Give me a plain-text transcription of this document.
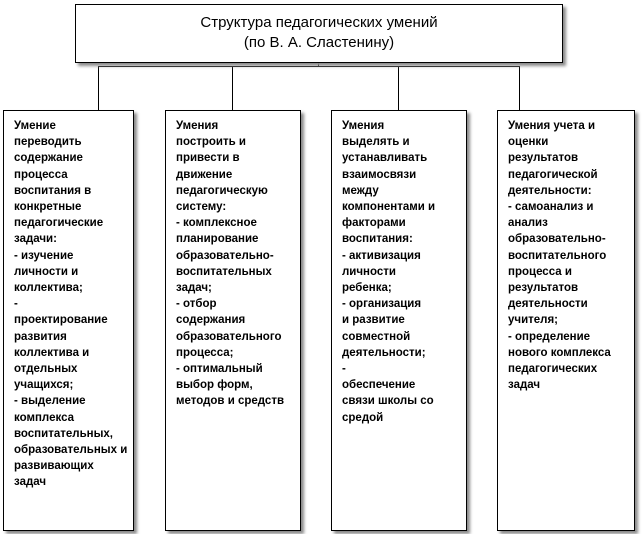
Структура педагогических умений
(по В. А. Сластенину)
Умение
переводить
содержание
процесса
воспитания в
конкретные
педагогические
задачи:
- изучение
личности и
коллектива;
-
проектирование
развития
коллектива и
отдельных
учащихся;
- выделение
комплекса
воспитательных,
образовательных и
развивающих
задач
Умения
построить и
привести в
движение
педагогическую
систему:
- комплексное
планирование
образовательно-
воспитательных
задач;
- отбор
содержания
образовательного
процесса;
- оптимальный
выбор форм,
методов и средств
Умения
выделять и
устанавливать
взаимосвязи
между
компонентами и
факторами
воспитания:
- активизация
личности
ребенка;
- организация
и развитие
совместной
деятельности;
-
обеспечение
связи школы со
средой
Умения учета и
оценки
результатов
педагогической
деятельности:
- самоанализ и
анализ
образовательно-
воспитательного
процесса и
результатов
деятельности
учителя;
- определение
нового комплекса
педагогических
задач
